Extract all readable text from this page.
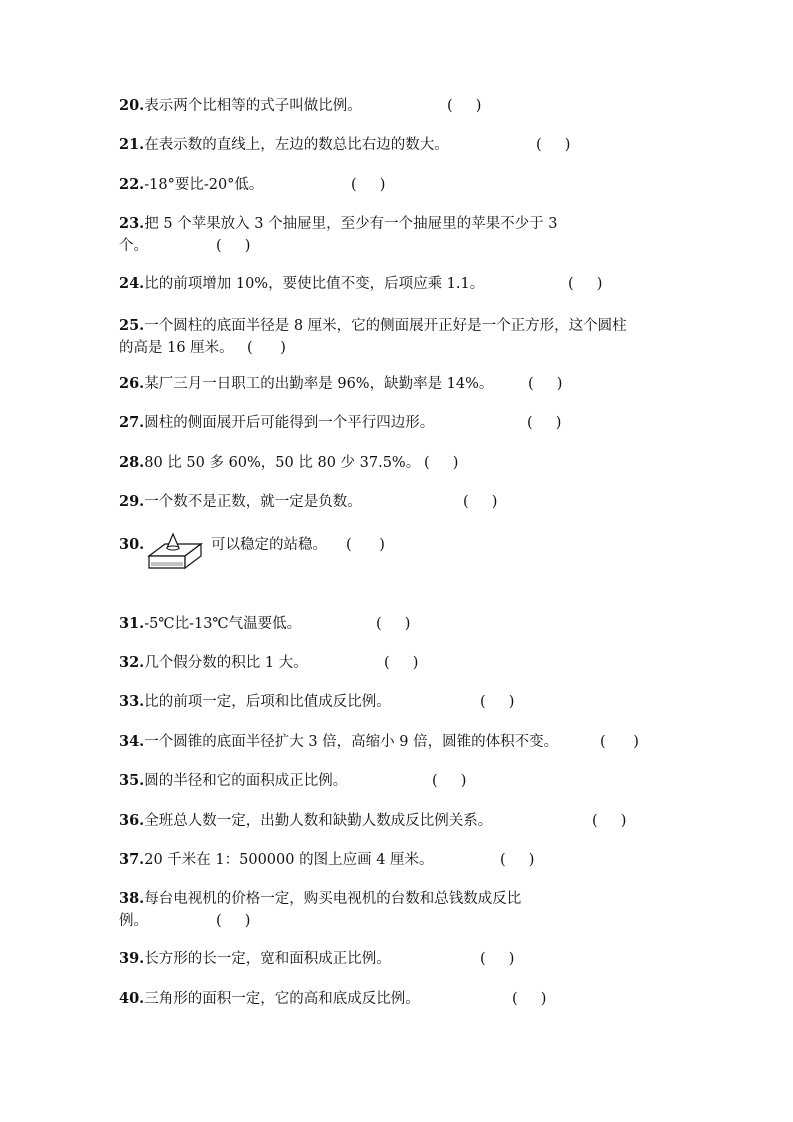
20.表示两个比相等的式子叫做比例。	(     )
21.在表示数的直线上，左边的数总比右边的数大。	(     )
22.-18°要比-20°低。	(     )
23.把 5 个苹果放入 3 个抽屉里，至少有一个抽屉里的苹果不少于 3
个。	(     )
24.比的前项增加 10%，要使比值不变，后项应乘 1.1。	(     )
25.一个圆柱的底面半径是 8 厘米，它的侧面展开正好是一个正方形，这个圆柱
的高是 16 厘米。 (      )
26.某厂三月一日职工的出勤率是 96%，缺勤率是 14%。 (     )
27.圆柱的侧面展开后可能得到一个平行四边形。	(     )
28.80 比 50 多 60%，50 比 80 少 37.5%。 (     )
29.一个数不是正数，就一定是负数。	(     )
30.	可以稳定的站稳。 (      )
31.-5℃比-13℃气温要低。	(     )
32.几个假分数的积比 1 大。	(     )
33.比的前项一定，后项和比值成反比例。	(     )
34.一个圆锥的底面半径扩大 3 倍，高缩小 9 倍，圆锥的体积不变。	(      )
35.圆的半径和它的面积成正比例。	(     )
36.全班总人数一定，出勤人数和缺勤人数成反比例关系。	(     )
37.20 千米在 1：500000 的图上应画 4 厘米。	(     )
38.每台电视机的价格一定，购买电视机的台数和总钱数成反比
例。	(     )
39.长方形的长一定，宽和面积成正比例。	(     )
40.三角形的面积一定，它的高和底成反比例。	(     )
